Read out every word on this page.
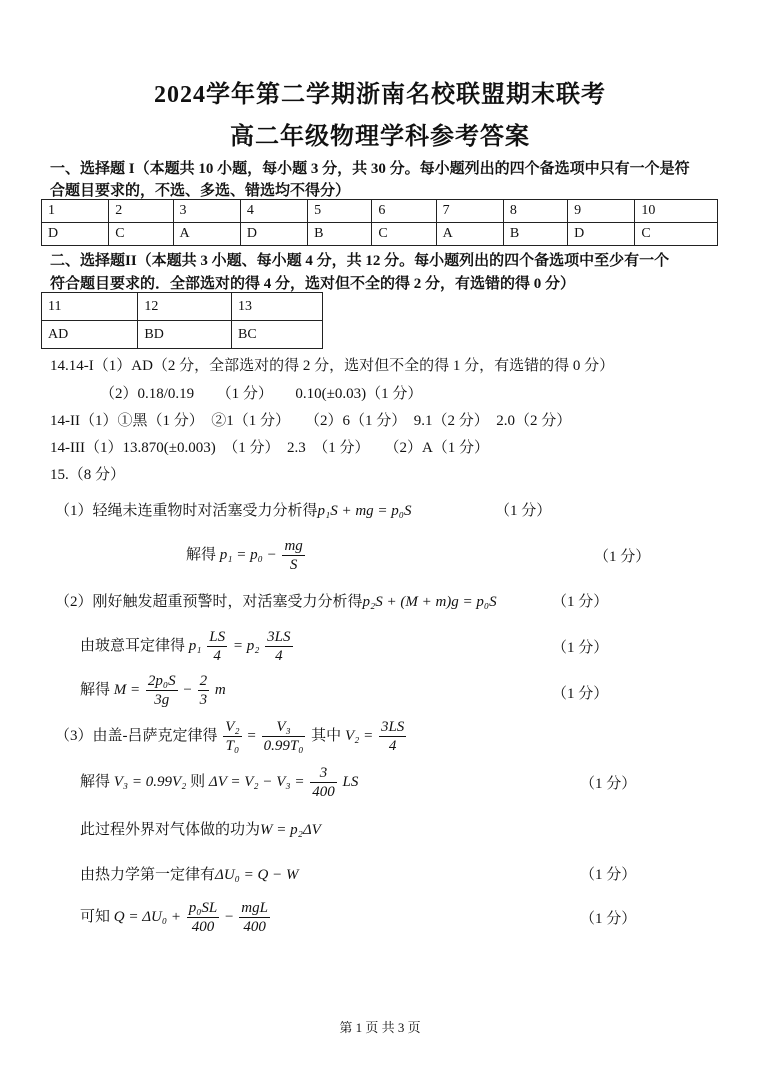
2024学年第二学期浙南名校联盟期末联考
高二年级物理学科参考答案
一、选择题 I（本题共 10 小题，每小题 3 分，共 30 分。每小题列出的四个备选项中只有一个是符
合题目要求的，不选、多选、错选均不得分）
1	2	3	4	5	6	7	8	9	10
D	C	A	D	B	C	A	B	D	C
二、选择题II（本题共 3 小题、每小题 4 分，共 12 分。每小题列出的四个备选项中至少有一个
符合题目要求的．全部选对的得 4 分，选对但不全的得 2 分，有选错的得 0 分）
11	12	13
AD	BD	BC
14.14-I（1）AD（2 分，全部选对的得 2 分，选对但不全的得 1 分，有选错的得 0 分）
（2）0.18/0.19　　（1 分）　　0.10(±0.03)（1 分）
14-II（1）①黑（1 分）　②1（1 分）　　（2）6（1 分）　9.1（2 分）　2.0（2 分）
14-III（1）13.870(±0.003)　（1 分）　2.3　（1 分）　　（2）A（1 分）
15.（8 分）
（1）轻绳未连重物时对活塞受力分析得p₁S + mg = p₀S	（1 分）
解得 $p_1 = p_0 - \frac{mg}{S}$	（1 分）
（2）刚好触发超重预警时，对活塞受力分析得p₂S + (M + m)g = p₀S	（1 分）
由玻意耳定律得 $p_1 \frac{LS}{4} = p_2 \frac{3LS}{4}$	（1 分）
解得 $M = \frac{\text{2p₀S}}{3g} - \frac{2}{3}$ m	（1 分）
（3）由盖-吕萨克定律得 $\frac{\text{V₂}}{\text{T₀}} = \frac{\text{V₃}}{\text{0.99T₀}}$ 其中 $V_2 = \frac{3LS}{4}$
解得 V₃ = 0.99V₂ 则 $\Delta V = V_2 - V_3 = \frac{3}{400}$ LS	（1 分）
此过程外界对气体做的功为W = p₂ΔV
由热力学第一定律有ΔU₀ = Q − W	（1 分）
可知 $Q = \Delta U_0 + \frac{\text{p₀SL}}{400} - \frac{\text{mgL}}{400}$	（1 分）
第 1 页 共 3 页
